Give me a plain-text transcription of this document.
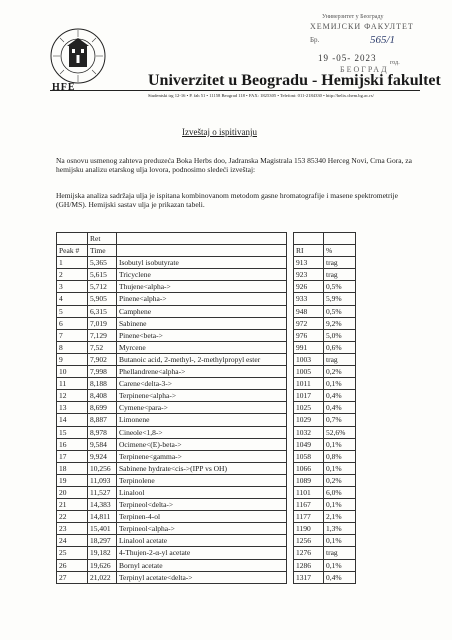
HFE
Универзитет у Београду
ХЕМИЈСКИ ФАКУЛТЕТ
Бр.	565/1
19 -05- 2023 год.
БЕОГРАД
Univerzitet u Beogradu - Hemijski fakultet
Studentski trg 12-16 • P. fah 51 • 11158 Beograd 118 • FAX: 1825305 • Telefoni: 011-2184330 • http://helix.chem.bg.ac.rs/
Izveštaj o ispitivanju
Na osnovu usmenog zahteva preduzeća Boka Herbs doo, Jadranska Magistrala 153 85340 Herceg Novi, Crna Gora, za hemijsku analizu etarskog ulja lovora, podnosimo sledeći izveštaj:
Hemijska analiza sadržaja ulja je ispitana kombinovanom metodom gasne hromatografije i masene spektrometrije (GH/MS). Hemijski sastav ulja je prikazan tabeli.
	Ret				
Peak #	Time			RI	%
1	5,365	Isobutyl isobutyrate		913	trag
2	5,615	Tricyclene		923	trag
3	5,712	Thujene<alpha->		926	0,5%
4	5,905	Pinene<alpha->		933	5,9%
5	6,315	Camphene		948	0,5%
6	7,019	Sabinene		972	9,2%
7	7,129	Pinene<beta->		976	5,0%
8	7,52	Myrcene		991	0,6%
9	7,902	Butanoic acid, 2-methyl-, 2-methylpropyl ester		1003	trag
10	7,998	Phellandrene<alpha->		1005	0,2%
11	8,188	Carene<delta-3->		1011	0,1%
12	8,408	Terpinene<alpha->		1017	0,4%
13	8,699	Cymene<para->		1025	0,4%
14	8,887	Limonene		1029	0,7%
15	8,978	Cineole<1,8->		1032	52,6%
16	9,584	Ocimene<(E)-beta->		1049	0,1%
17	9,924	Terpinene<gamma->		1058	0,8%
18	10,256	Sabinene hydrate<cis->(IPP vs OH)		1066	0,1%
19	11,093	Terpinolene		1089	0,2%
20	11,527	Linalool		1101	6,0%
21	14,383	Terpineol<delta->		1167	0,1%
22	14,811	Terpinen-4-ol		1177	2,1%
23	15,401	Terpineol<alpha->		1190	1,3%
24	18,297	Linalool acetate		1256	0,1%
25	19,182	4-Thujen-2-α-yl acetate		1276	trag
26	19,626	Bornyl acetate		1286	0,1%
27	21,022	Terpinyl acetate<delta->		1317	0,4%
